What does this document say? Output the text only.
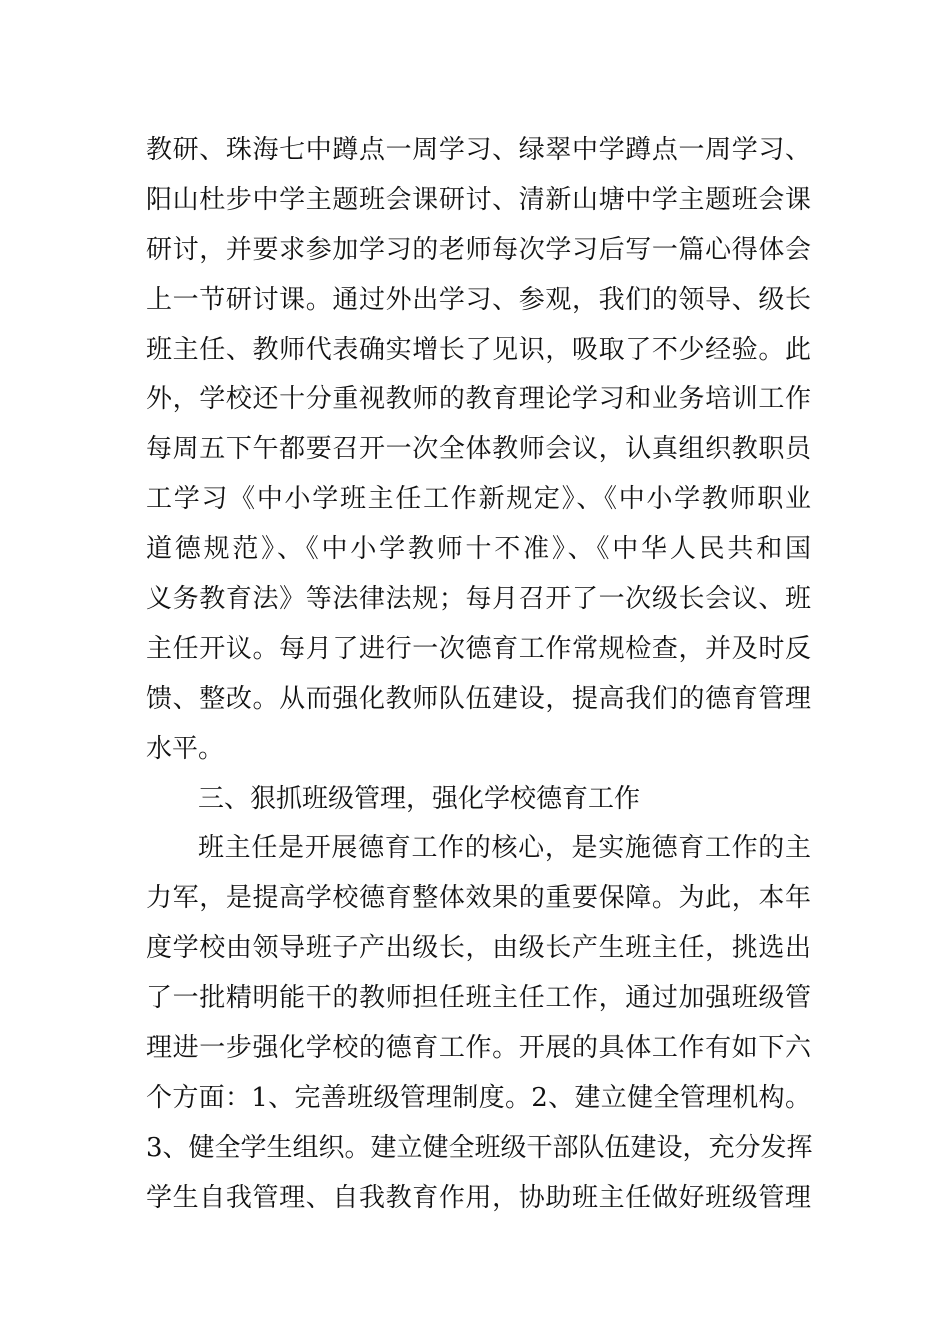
教研、珠海七中蹲点一周学习、绿翠中学蹲点一周学习、
阳山杜步中学主题班会课研讨、清新山塘中学主题班会课
研讨，并要求参加学习的老师每次学习后写一篇心得体会
上一节研讨课。通过外出学习、参观，我们的领导、级长
班主任、教师代表确实增长了见识，吸取了不少经验。此
外，学校还十分重视教师的教育理论学习和业务培训工作
每周五下午都要召开一次全体教师会议，认真组织教职员
工学习《中小学班主任工作新规定》、《中小学教师职业
道德规范》、《中小学教师十不准》、《中华人民共和国
义务教育法》等法律法规；每月召开了一次级长会议、班
主任开议。每月了进行一次德育工作常规检查，并及时反
馈、整改。从而强化教师队伍建设，提高我们的德育管理
水平。
三、狠抓班级管理，强化学校德育工作
班主任是开展德育工作的核心，是实施德育工作的主
力军，是提高学校德育整体效果的重要保障。为此，本年
度学校由领导班子产出级长，由级长产生班主任，挑选出
了一批精明能干的教师担任班主任工作，通过加强班级管
理进一步强化学校的德育工作。开展的具体工作有如下六
个方面：1、完善班级管理制度。2、建立健全管理机构。
3、健全学生组织。建立健全班级干部队伍建设，充分发挥
学生自我管理、自我教育作用，协助班主任做好班级管理
